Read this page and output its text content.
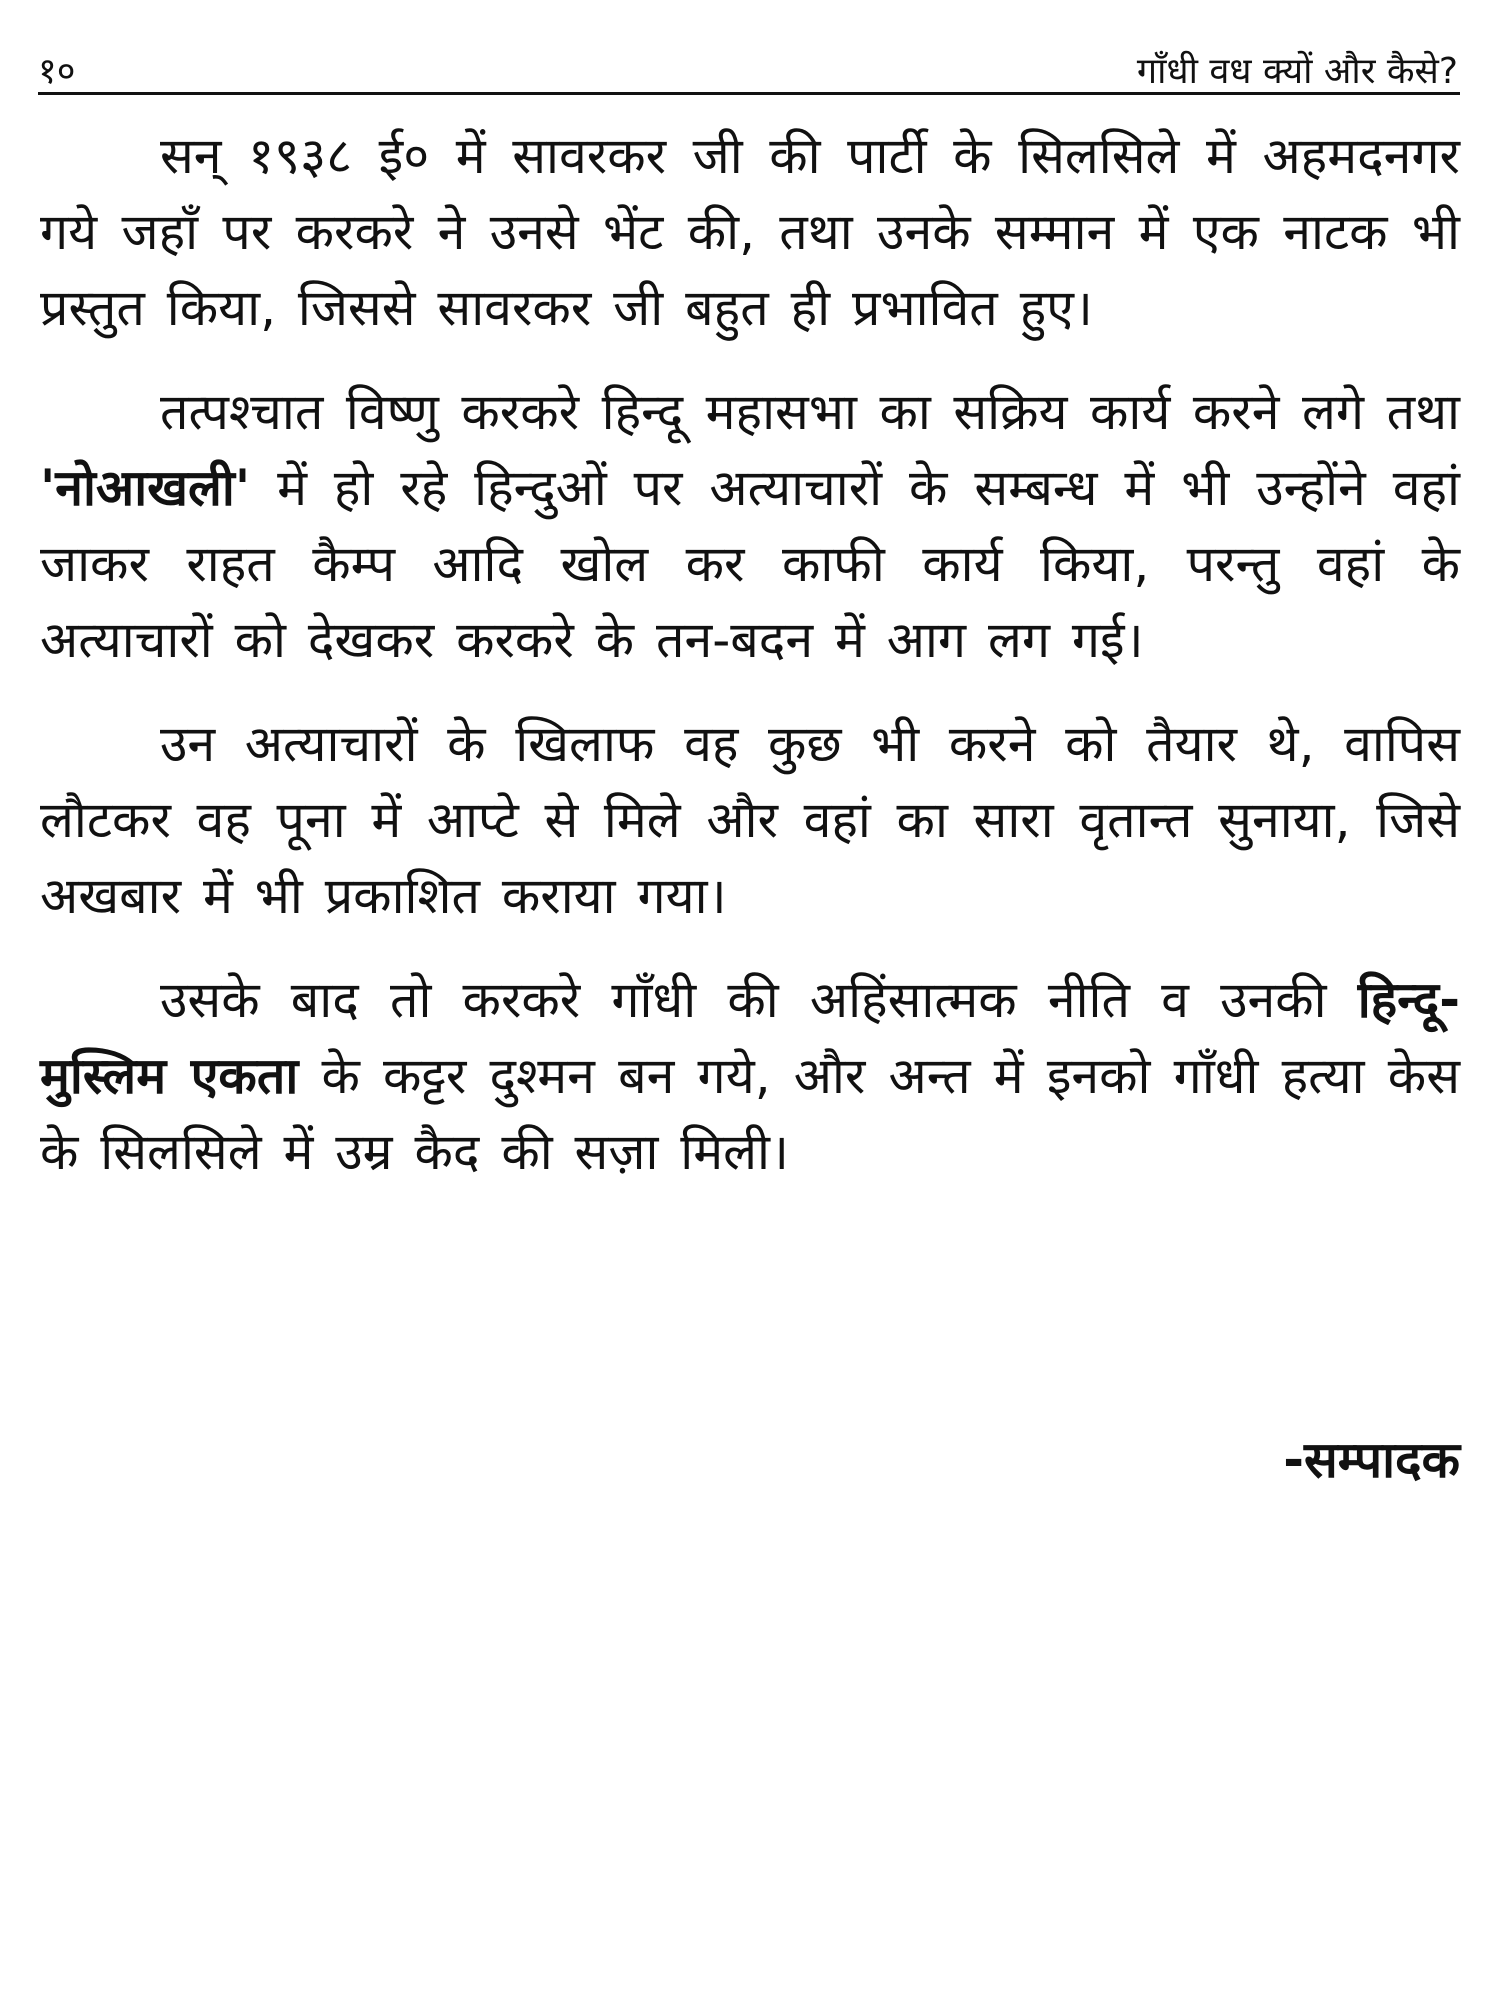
१०	गाँधी वध क्यों और कैसे?

सन् १९३८ ई० में सावरकर जी की पार्टी के सिलसिले में अहमदनगर गये जहाँ पर करकरे ने उनसे भेंट की, तथा उनके सम्मान में एक नाटक भी प्रस्तुत किया, जिससे सावरकर जी बहुत ही प्रभावित हुए।

तत्पश्चात विष्णु करकरे हिन्दू महासभा का सक्रिय कार्य करने लगे तथा 'नोआखली' में हो रहे हिन्दुओं पर अत्याचारों के सम्बन्ध में भी उन्होंने वहां जाकर राहत कैम्प आदि खोल कर काफी कार्य किया, परन्तु वहां के अत्याचारों को देखकर करकरे के तन-बदन में आग लग गई।

उन अत्याचारों के खिलाफ वह कुछ भी करने को तैयार थे, वापिस लौटकर वह पूना में आप्टे से मिले और वहां का सारा वृतान्त सुनाया, जिसे अखबार में भी प्रकाशित कराया गया।

उसके बाद तो करकरे गाँधी की अहिंसात्मक नीति व उनकी हिन्दू-मुस्लिम एकता के कट्टर दुश्मन बन गये, और अन्त में इनको गाँधी हत्या केस के सिलसिले में उम्र कैद की सज़ा मिली।

-सम्पादक
